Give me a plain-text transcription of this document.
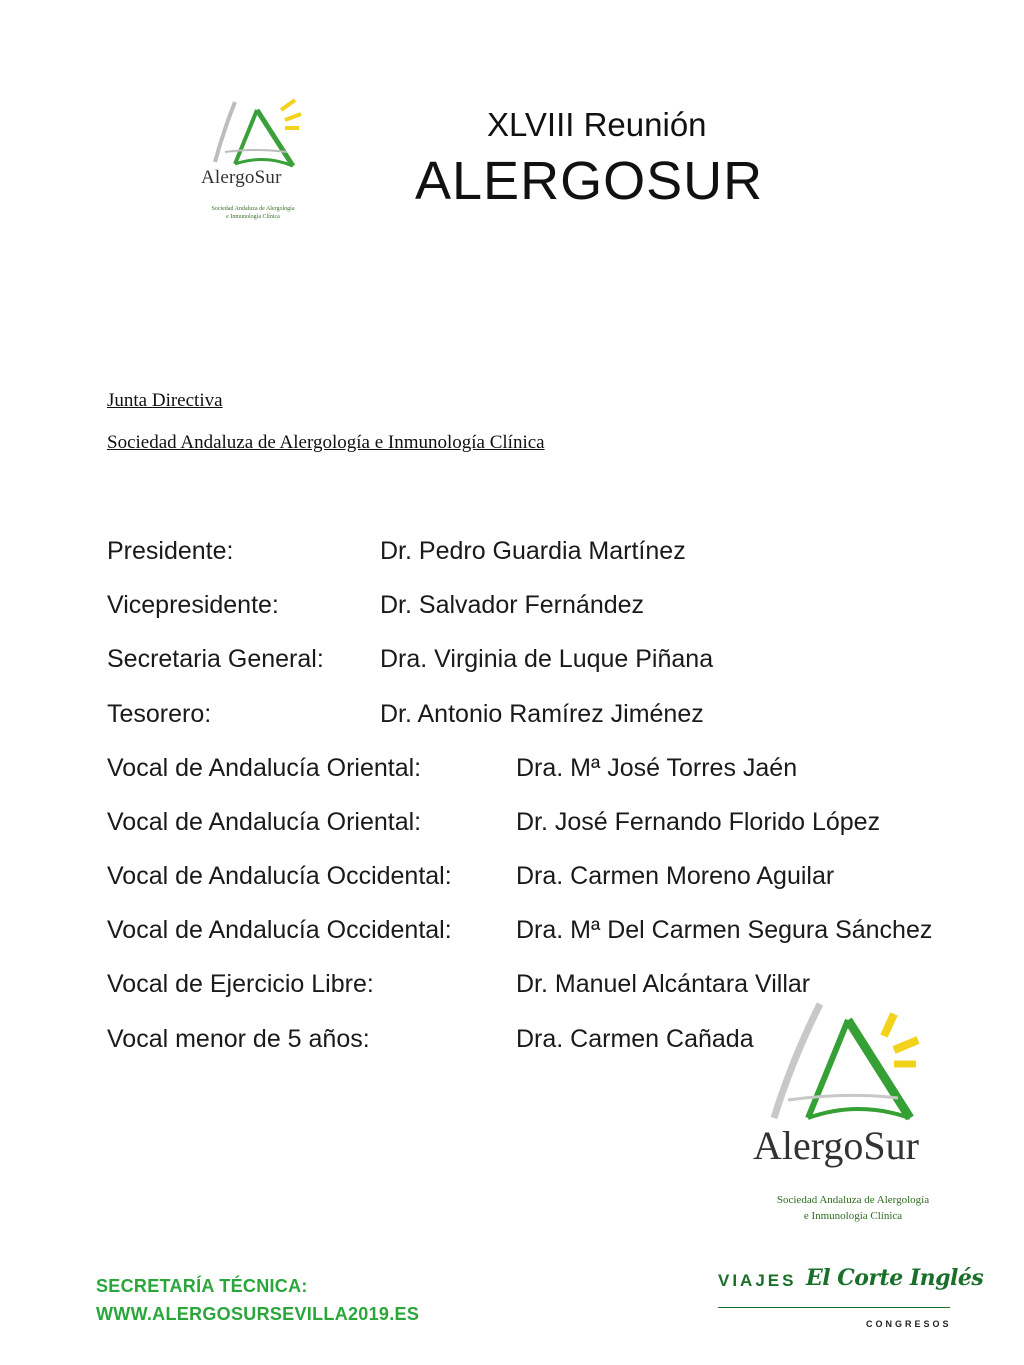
AlergoSur
Sociedad Andaluza de Alergología
e Inmunología Clínica
XLVIII Reunión
ALERGOSUR
Junta Directiva
Sociedad Andaluza de Alergología e Inmunología Clínica
Presidente:	Dr. Pedro Guardia Martínez
Vicepresidente:	Dr. Salvador Fernández
Secretaria General: Dra. Virginia de Luque Piñana
Tesorero:	Dr. Antonio Ramírez Jiménez
Vocal de Andalucía Oriental:	Dra. Mª José Torres Jaén
Vocal de Andalucía Oriental:	Dr. José Fernando Florido López
Vocal de Andalucía Occidental:	Dra. Carmen Moreno Aguilar
Vocal de Andalucía Occidental:	Dra. Mª Del Carmen Segura Sánchez
Vocal de Ejercicio Libre:	Dr. Manuel Alcántara Villar
Vocal menor de 5 años:	Dra. Carmen Cañada
AlergoSur
Sociedad Andaluza de Alergología
e Inmunología Clínica
SECRETARÍA TÉCNICA:
WWW.ALERGOSURSEVILLA2019.ES
VIAJES El Corte Inglés
CONGRESOS
